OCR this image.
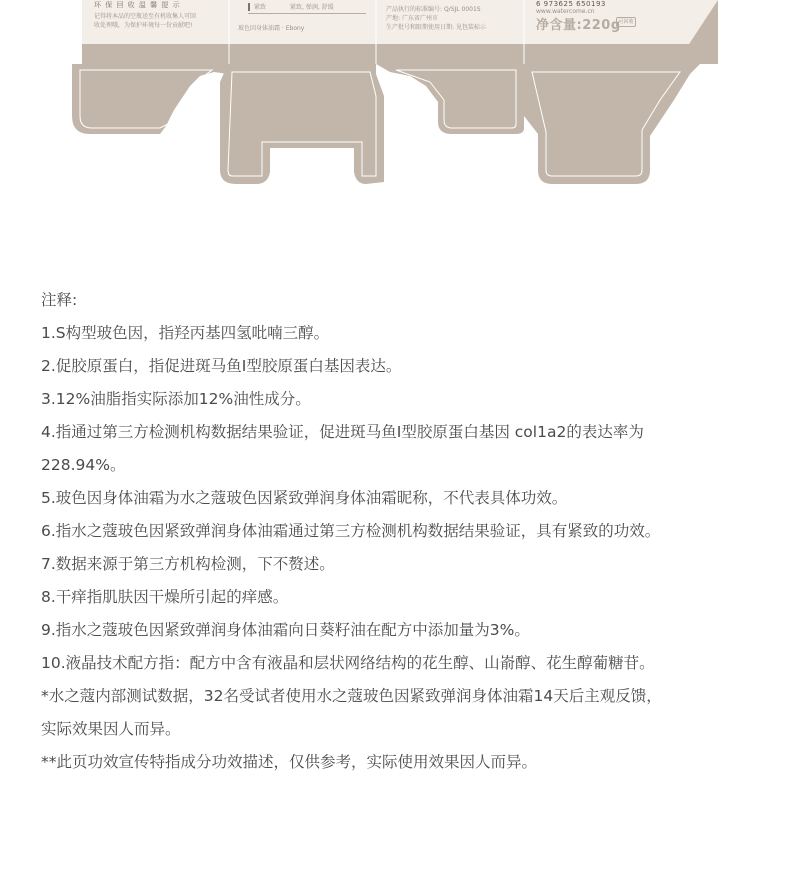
环 保 回 收 温 馨 提 示
记得将本品的空瓶送至有机收集人可回
收处理哦，为保护环境每一份贡献吧!
紧致	紧致, 弹润, 舒缓
玻色因身体油霜 · Ebony
产品执行的标准编号: Q/SJL 0001S
产地: 广东省广州市
生产批号和限期使用日期: 见包装标示
6 973625 650193
www.watercome.cn
净含量:220g
可回收
注释:
1.S构型玻色因，指羟丙基四氢吡喃三醇。
2.促胶原蛋白，指促进斑马鱼I型胶原蛋白基因表达。
3.12%油脂指实际添加12%油性成分。
4.指通过第三方检测机构数据结果验证，促进斑马鱼I型胶原蛋白基因 col1a2的表达率为
228.94%。
5.玻色因身体油霜为水之蔻玻色因紧致弹润身体油霜昵称，不代表具体功效。
6.指水之蔻玻色因紧致弹润身体油霜通过第三方检测机构数据结果验证，具有紧致的功效。
7.数据来源于第三方机构检测，下不赘述。
8.干痒指肌肤因干燥所引起的痒感。
9.指水之蔻玻色因紧致弹润身体油霜向日葵籽油在配方中添加量为3%。
10.液晶技术配方指：配方中含有液晶和层状网络结构的花生醇、山嵛醇、花生醇葡糖苷。
*水之蔻内部测试数据，32名受试者使用水之蔻玻色因紧致弹润身体油霜14天后主观反馈，
实际效果因人而异。
**此页功效宣传特指成分功效描述，仅供参考，实际使用效果因人而异。
